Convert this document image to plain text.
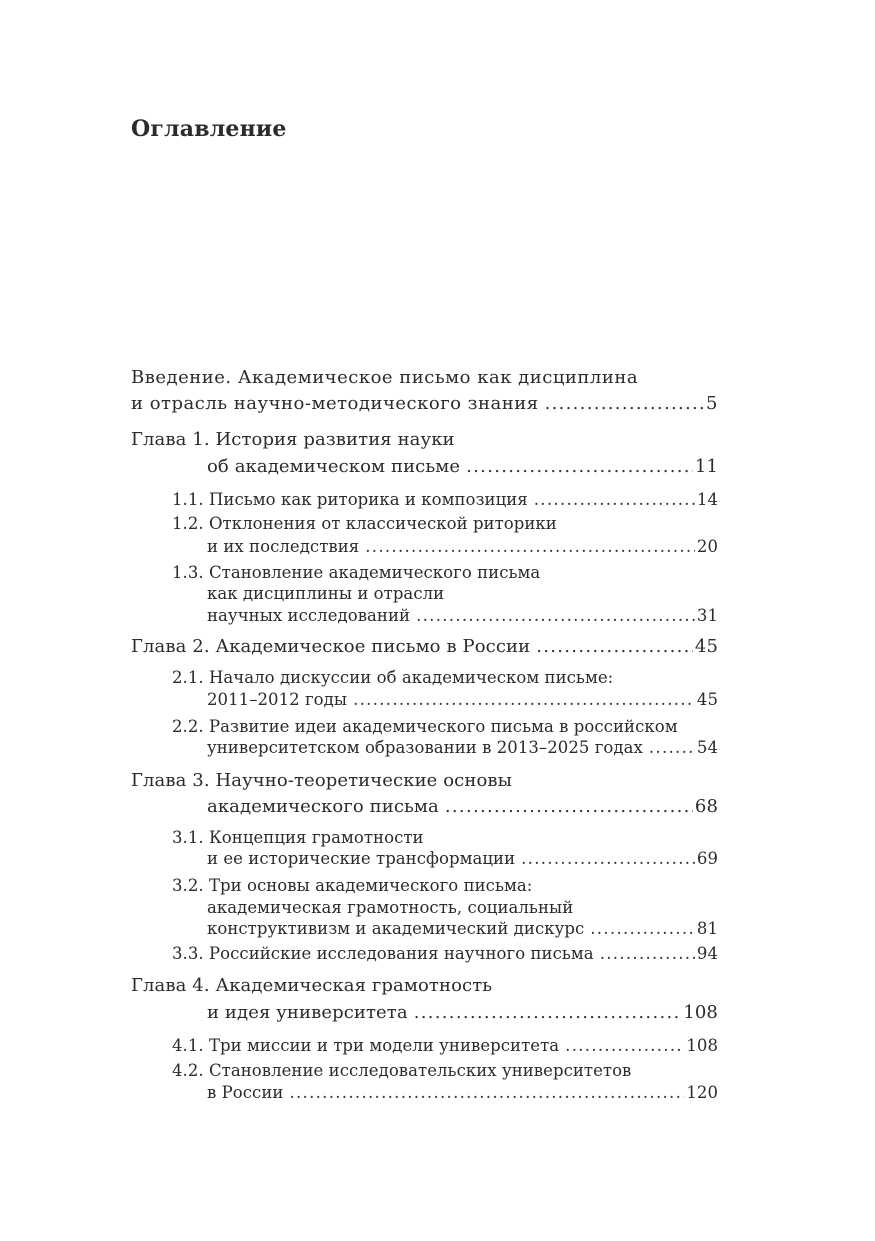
Оглавление
Введение. Академическое письмо как дисциплина
и отрасль научно-методического знания .....	5
Глава 1. История развития науки
об академическом письме .....	11
1.1. Письмо как риторика и композиция .....	14
1.2. Отклонения от классической риторики
и их последствия .....	20
1.3. Становление академического письма
как дисциплины и отрасли
научных исследований .....	31
Глава 2. Академическое письмо в России .....	45
2.1. Начало дискуссии об академическом письме:
2011–2012 годы .....	45
2.2. Развитие идеи академического письма в российском
университетском образовании в 2013–2025 годах .....	54
Глава 3. Научно-теоретические основы
академического письма .....	68
3.1. Концепция грамотности
и ее исторические трансформации .....	69
3.2. Три основы академического письма:
академическая грамотность, социальный
конструктивизм и академический дискурс .....	81
3.3. Российские исследования научного письма .....	94
Глава 4. Академическая грамотность
и идея университета .....	108
4.1. Три миссии и три модели университета .....	108
4.2. Становление исследовательских университетов
в России .....	120
